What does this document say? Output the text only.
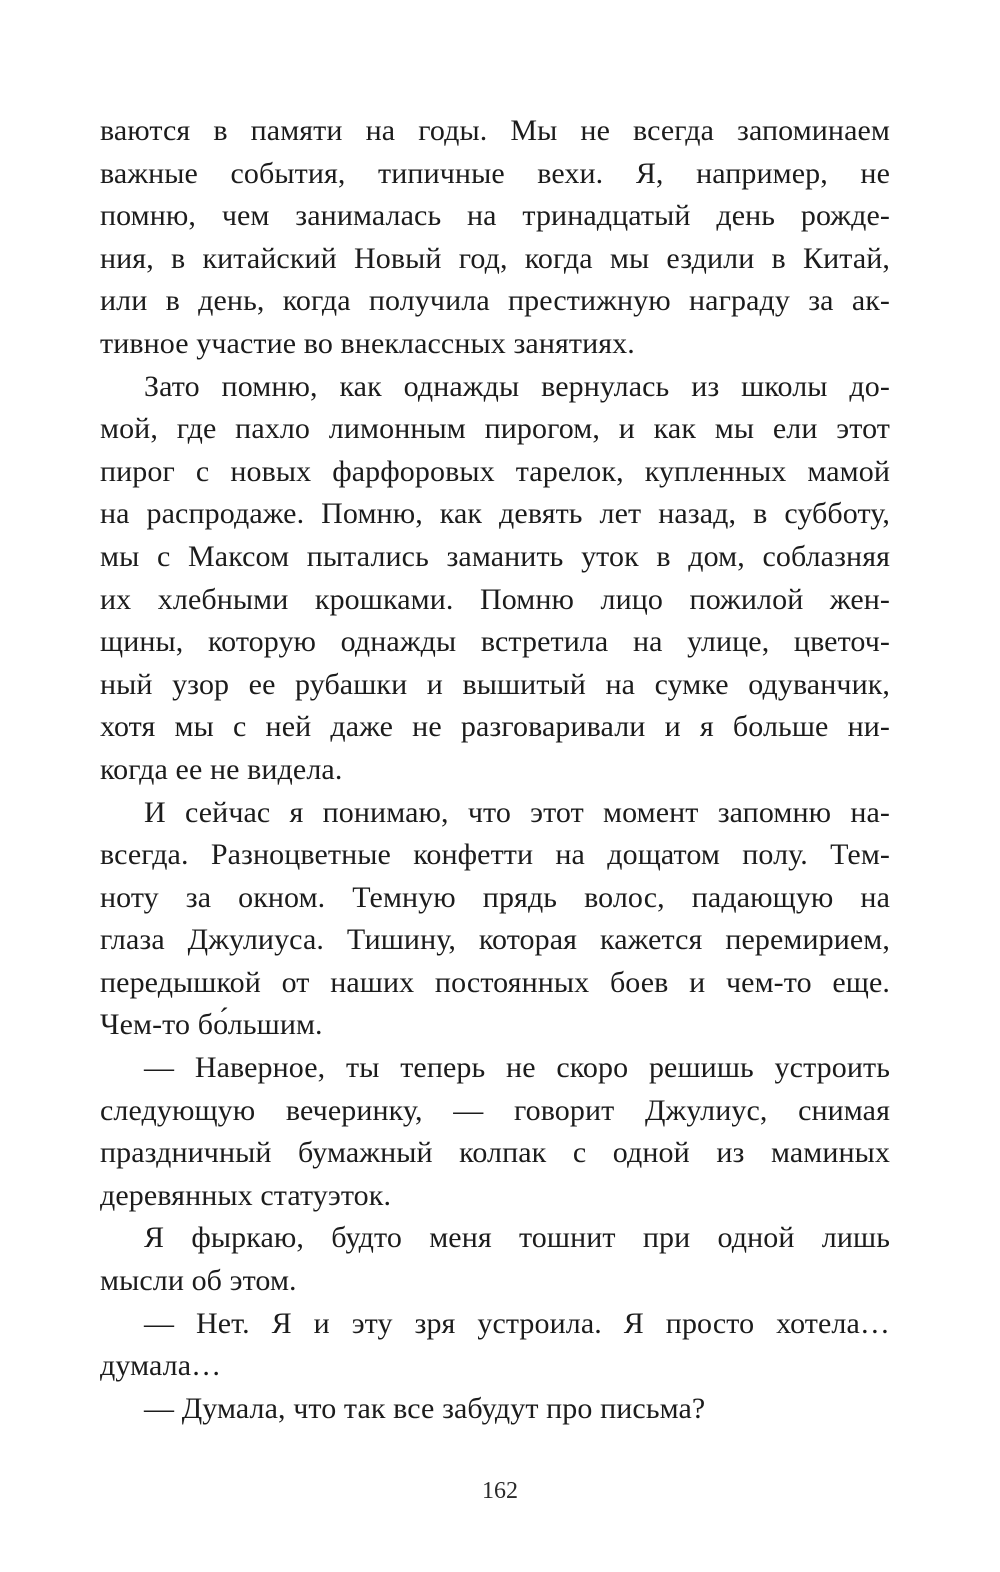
ваются в памяти на годы. Мы не всегда запоминаем
важные события, типичные вехи. Я, например, не
помню, чем занималась на тринадцатый день рожде-
ния, в китайский Новый год, когда мы ездили в Китай,
или в день, когда получила престижную награду за ак-
тивное участие во внеклассных занятиях.
Зато помню, как однажды вернулась из школы до-
мой, где пахло лимонным пирогом, и как мы ели этот
пирог с новых фарфоровых тарелок, купленных мамой
на распродаже. Помню, как девять лет назад, в субботу,
мы с Максом пытались заманить уток в дом, соблазняя
их хлебными крошками. Помню лицо пожилой жен-
щины, которую однажды встретила на улице, цветоч-
ный узор ее рубашки и вышитый на сумке одуванчик,
хотя мы с ней даже не разговаривали и я больше ни-
когда ее не видела.
И сейчас я понимаю, что этот момент запомню на-
всегда. Разноцветные конфетти на дощатом полу. Тем-
ноту за окном. Темную прядь волос, падающую на
глаза Джулиуса. Тишину, которая кажется перемирием,
передышкой от наших постоянных боев и чем-то еще.
Чем-то бо́льшим.
— Наверное, ты теперь не скоро решишь устроить
следующую вечеринку, — говорит Джулиус, снимая
праздничный бумажный колпак с одной из маминых
деревянных статуэток.
Я фыркаю, будто меня тошнит при одной лишь
мысли об этом.
— Нет. Я и эту зря устроила. Я просто хотела…
думала…
— Думала, что так все забудут про письма?
162
